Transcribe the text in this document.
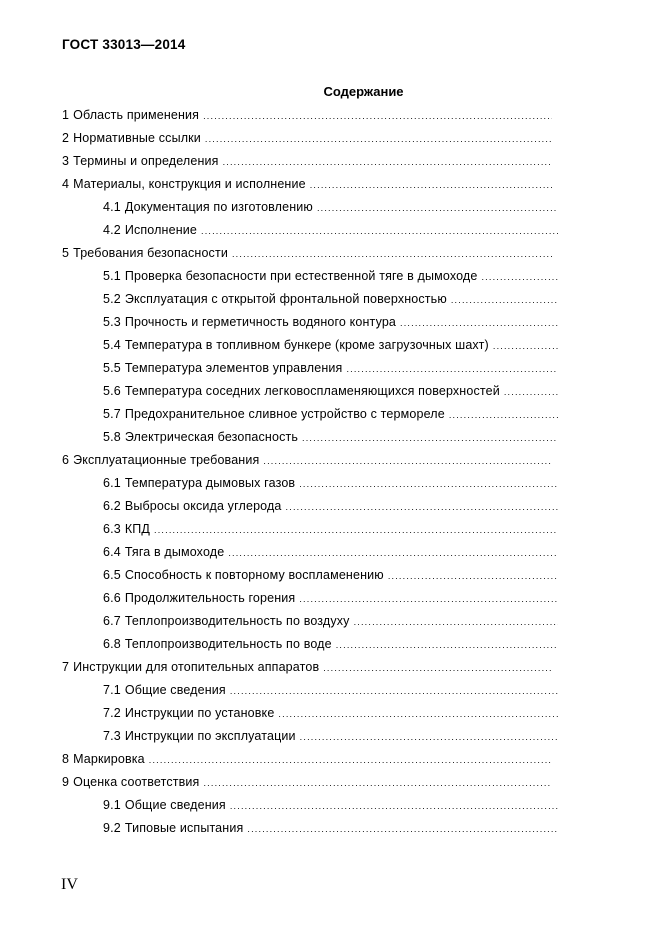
ГОСТ 33013—2014
Содержание
1 Область применения
.....
2 Нормативные ссылки
.....
3 Термины и определения
.....
4 Материалы, конструкция и исполнение
.....
4.1 Документация по изготовлению
.....
4.2 Исполнение
.....
5 Требования безопасности
.....
5.1 Проверка безопасности при естественной тяге в дымоходе
.....
5.2 Эксплуатация с открытой фронтальной поверхностью
.....
5.3 Прочность и герметичность водяного контура
.....
5.4 Температура в топливном бункере (кроме загрузочных шахт)
.....
5.5 Температура элементов управления
.....
5.6 Температура соседних легковоспламеняющихся поверхностей
.....
5.7 Предохранительное сливное устройство с термореле
.....
5.8 Электрическая безопасность
.....
6 Эксплуатационные требования
.....
6.1 Температура дымовых газов
.....
6.2 Выбросы оксида углерода
.....
6.3 КПД
.....
6.4 Тяга в дымоходе
.....
6.5 Способность к повторному воспламенению
.....
6.6 Продолжительность горения
.....
6.7 Теплопроизводительность по воздуху
.....
6.8 Теплопроизводительность по воде
.....
7 Инструкции для отопительных аппаратов
.....
7.1 Общие сведения
.....
7.2 Инструкции по установке
.....
7.3 Инструкции по эксплуатации
.....
8 Маркировка
.....
9 Оценка соответствия
.....
9.1 Общие сведения
.....
9.2 Типовые испытания
.....
IV
